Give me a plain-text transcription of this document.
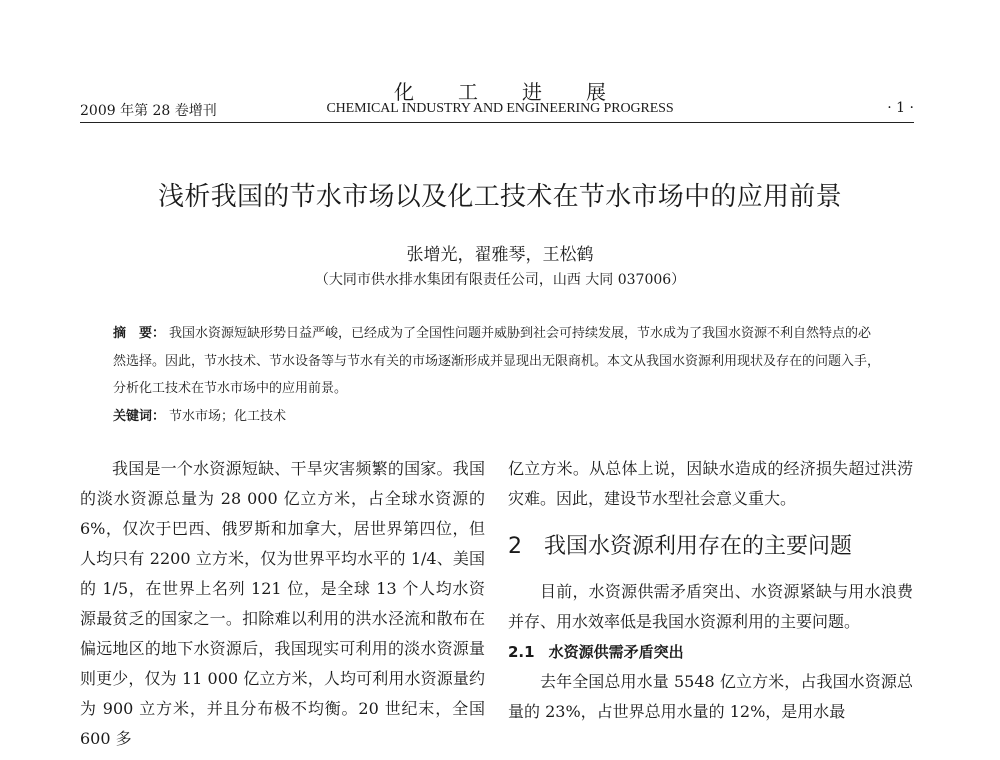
化工进展
2009 年第 28 卷增刊	CHEMICAL INDUSTRY AND ENGINEERING PROGRESS	· 1 ·
浅析我国的节水市场以及化工技术在节水市场中的应用前景
张增光，翟雅琴，王松鹤
（大同市供水排水集团有限责任公司，山西 大同 037006）

摘　要： 我国水资源短缺形势日益严峻，已经成为了全国性问题并威胁到社会可持续发展，节水成为了我国水资源不利自然特点的必然选择。因此，节水技术、节水设备等与节水有关的市场逐渐形成并显现出无限商机。本文从我国水资源利用现状及存在的问题入手，分析化工技术在节水市场中的应用前景。

关键词： 节水市场；化工技术

我国是一个水资源短缺、干旱灾害频繁的国家。我国的淡水资源总量为 28 000 亿立方米，占全球水资源的 6%，仅次于巴西、俄罗斯和加拿大，居世界第四位，但人均只有 2200 立方米，仅为世界平均水平的 1/4、美国的 1/5，在世界上名列 121 位，是全球 13 个人均水资源最贫乏的国家之一。扣除难以利用的洪水泾流和散布在偏远地区的地下水资源后，我国现实可利用的淡水资源量则更少，仅为 11 000 亿立方米，人均可利用水资源量约为 900 立方米，并且分布极不均衡。20 世纪末，全国 600 多

亿立方米。从总体上说，因缺水造成的经济损失超过洪涝灾难。因此，建设节水型社会意义重大。

2 我国水资源利用存在的主要问题

目前，水资源供需矛盾突出、水资源紧缺与用水浪费并存、用水效率低是我国水资源利用的主要问题。

2.1 水资源供需矛盾突出

去年全国总用水量 5548 亿立方米，占我国水资源总量的 23%，占世界总用水量的 12%，是用水最
